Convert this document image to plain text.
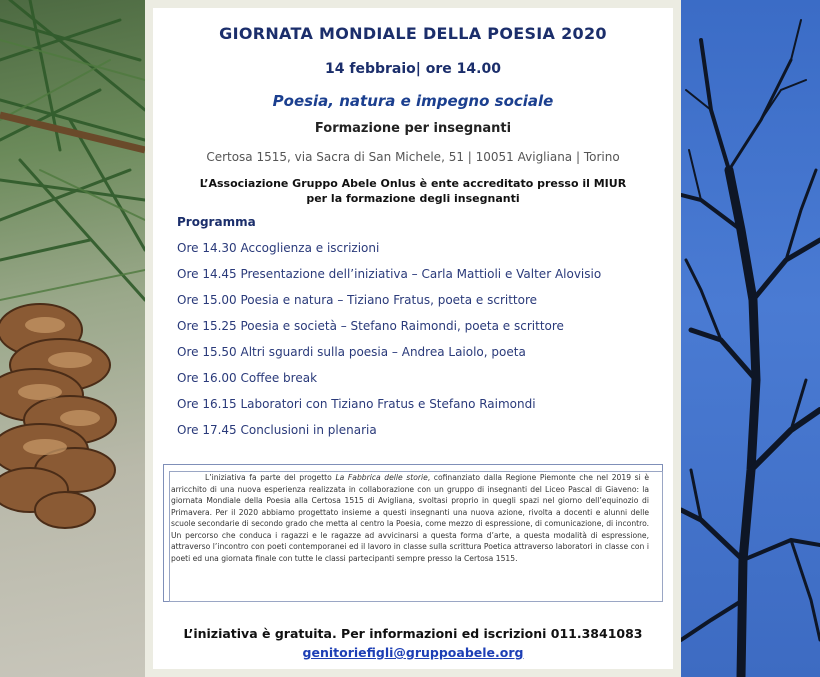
GIORNATA MONDIALE DELLA POESIA 2020
14 febbraio| ore 14.00
Poesia, natura e impegno sociale
Formazione per insegnanti
Certosa 1515, via Sacra di San Michele, 51 | 10051 Avigliana | Torino
L’Associazione Gruppo Abele Onlus è ente accreditato presso il MIUR
per la formazione degli insegnanti
Programma
Ore 14.30 Accoglienza e iscrizioni
Ore 14.45 Presentazione dell’iniziativa – Carla Mattioli e Valter Alovisio
Ore 15.00 Poesia e natura – Tiziano Fratus, poeta e scrittore
Ore 15.25 Poesia e società – Stefano Raimondi, poeta e scrittore
Ore 15.50 Altri sguardi sulla poesia – Andrea Laiolo, poeta
Ore 16.00 Coffee break
Ore 16.15 Laboratori con Tiziano Fratus e Stefano Raimondi
Ore 17.45 Conclusioni in plenaria
L’iniziativa fa parte del progetto La Fabbrica delle storie, cofinanziato dalla Regione Piemonte che nel 2019 si è arricchito di una nuova esperienza realizzata in collaborazione con un gruppo di insegnanti del Liceo Pascal di Giaveno: la giornata Mondiale della Poesia alla Certosa 1515 di Avigliana, svoltasi proprio in quegli spazi nel giorno dell’equinozio di Primavera. Per il 2020 abbiamo progettato insieme a questi insegnanti una nuova azione, rivolta a docenti e alunni delle scuole secondarie di secondo grado che metta al centro la Poesia, come mezzo di espressione, di comunicazione, di incontro. Un percorso che conduca i ragazzi e le ragazze ad avvicinarsi a questa forma d’arte, a questa modalità di espressione, attraverso l’incontro con poeti contemporanei ed il lavoro in classe sulla scrittura Poetica attraverso laboratori in classe con i poeti ed una giornata finale con tutte le classi partecipanti sempre presso la Certosa 1515.
L’iniziativa è gratuita. Per informazioni ed iscrizioni 011.3841083
genitoriefigli@gruppoabele.org
